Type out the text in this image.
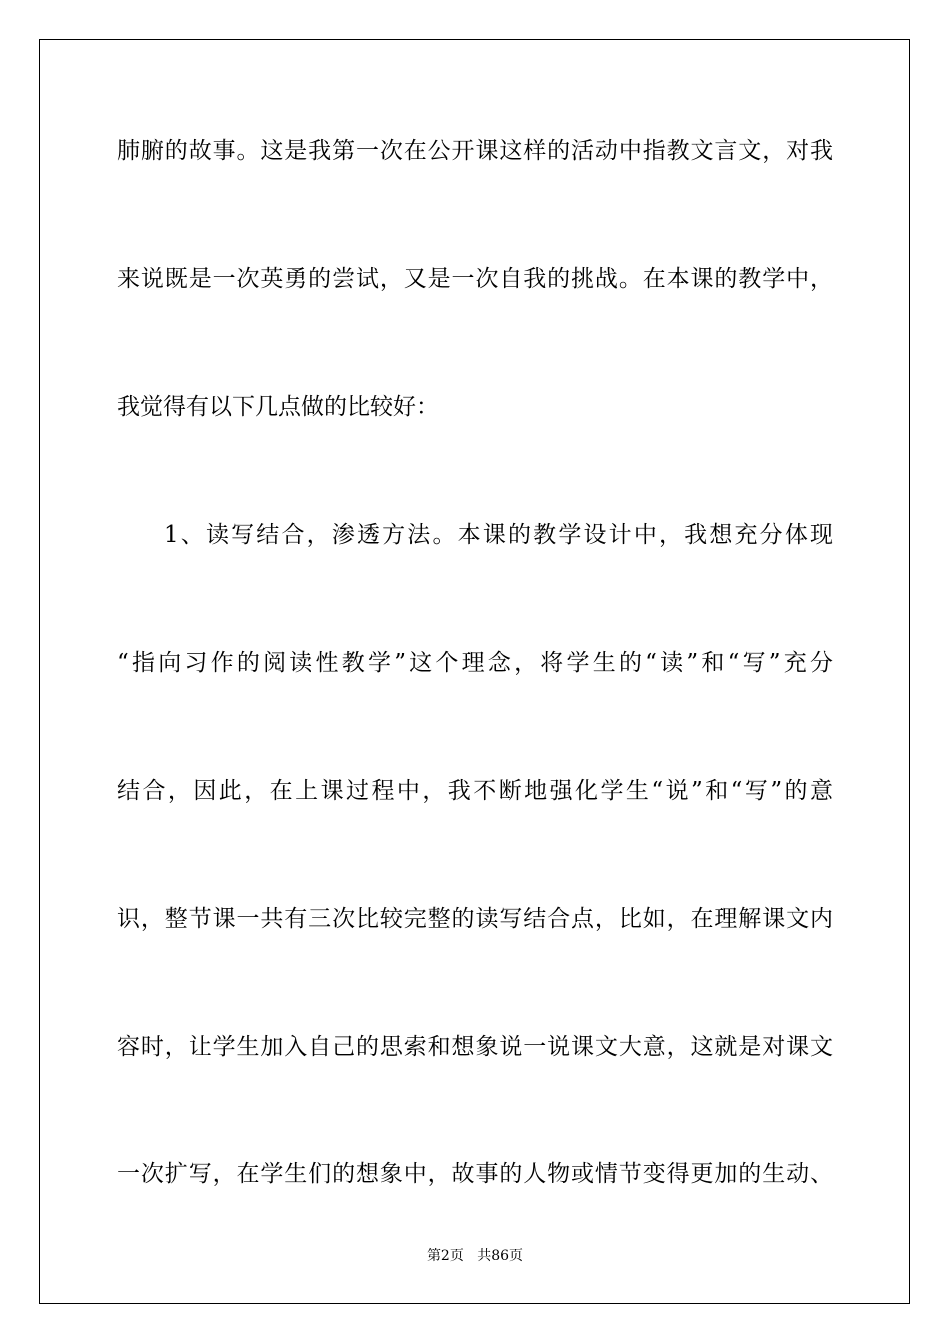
肺腑的故事。这是我第一次在公开课这样的活动中指教文言文，对我
来说既是一次英勇的尝试，又是一次自我的挑战。在本课的教学中，
我觉得有以下几点做的比较好：
1、读写结合，渗透方法。本课的教学设计中，我想充分体现
“指向习作的阅读性教学”这个理念，将学生的“读”和“写”充分
结合，因此，在上课过程中，我不断地强化学生“说”和“写”的意
识，整节课一共有三次比较完整的读写结合点，比如，在理解课文内
容时，让学生加入自己的思索和想象说一说课文大意，这就是对课文
一次扩写，在学生们的想象中，故事的人物或情节变得更加的生动、
第2页 共86页
